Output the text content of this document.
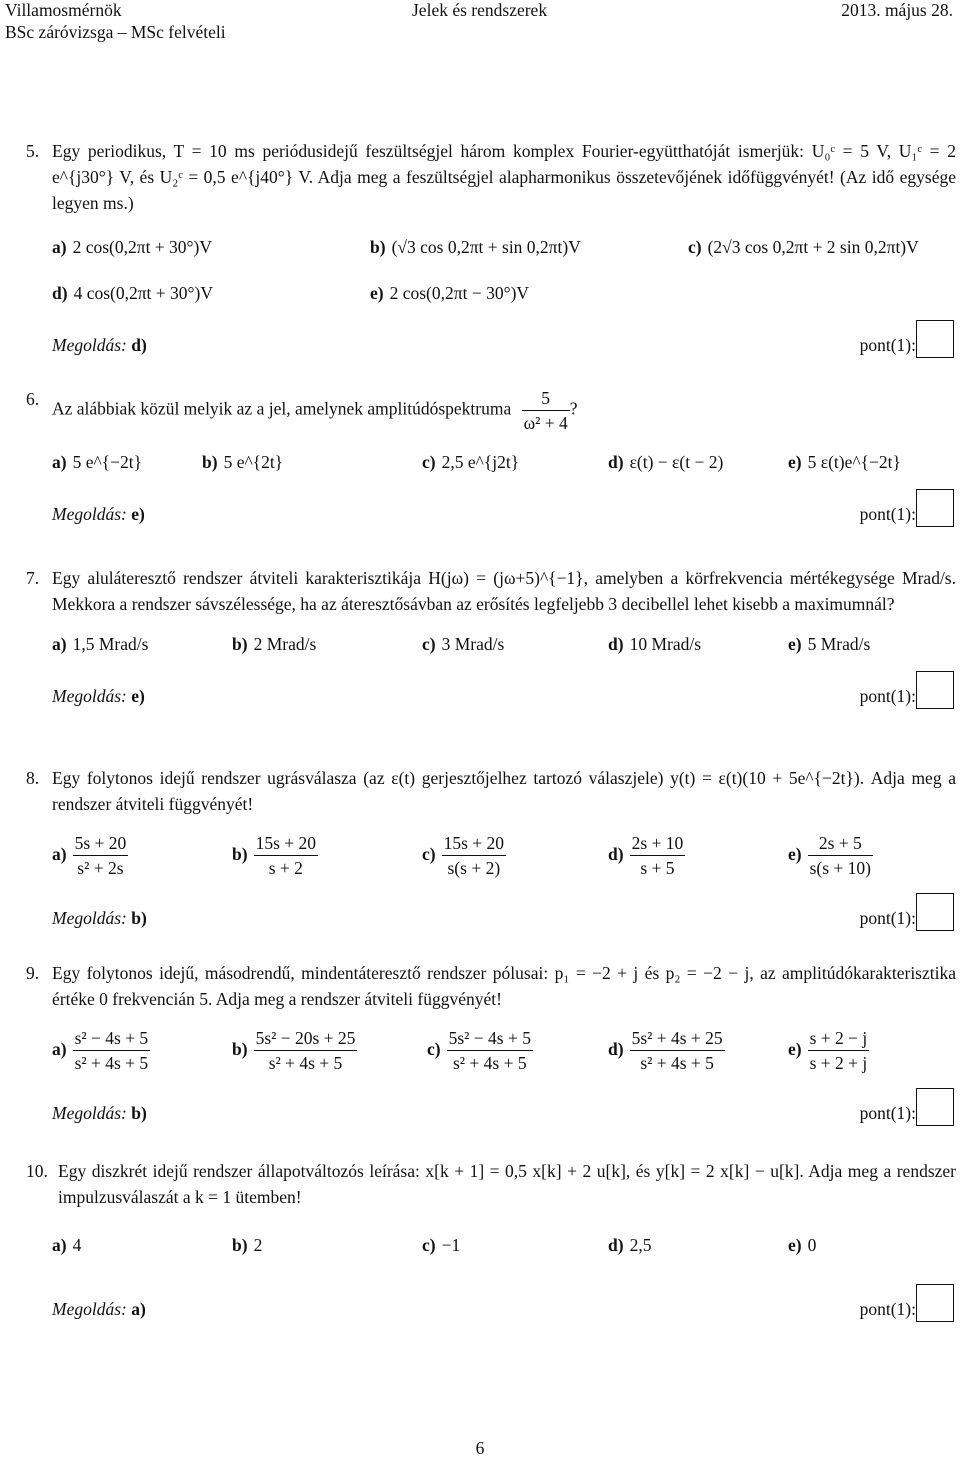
Villamosmérnök
BSc záróvizsga – MSc felvételi
Jelek és rendszerek	2013. május 28.
5. Egy periodikus, T = 10 ms periódusidejű feszültségjel három komplex Fourier-együtthatóját ismerjük: U₀ᶜ = 5 V, U₁ᶜ = 2 e^{j30°} V, és U₂ᶜ = 0,5 e^{j40°} V. Adja meg a feszültségjel alapharmonikus összetevőjének időfüggvényét! (Az idő egysége legyen ms.)
a) 2 cos(0,2πt + 30°)V	b) (√3 cos 0,2πt + sin 0,2πt)V	c) (2√3 cos 0,2πt + 2 sin 0,2πt)V
d) 4 cos(0,2πt + 30°)V	e) 2 cos(0,2πt − 30°)V
Megoldás: d)	pont(1):
6. Az alábbiak közül melyik az a jel, amelynek amplitúdóspektruma $\frac{5}{\text{ω² + 4}}$ ?
a) 5 e^{−2t}	b) 5 e^{2t}	c) 2,5 e^{j2t}	d) ε(t) − ε(t − 2)	e) 5 ε(t)e^{−2t}
Megoldás: e)	pont(1):
7. Egy aluláteresztő rendszer átviteli karakterisztikája H(jω) = (jω+5)^{−1}, amelyben a körfrekvencia mértékegysége Mrad/s. Mekkora a rendszer sávszélessége, ha az áteresztősávban az erősítés legfeljebb 3 decibellel lehet kisebb a maximumnál?
a) 1,5 Mrad/s	b) 2 Mrad/s	c) 3 Mrad/s	d) 10 Mrad/s	e) 5 Mrad/s
Megoldás: e)	pont(1):
8. Egy folytonos idejű rendszer ugrásválasza (az ε(t) gerjesztőjelhez tartozó válaszjele) y(t) = ε(t)(10 + 5e^{−2t}). Adja meg a rendszer átviteli függvényét!
$a) \frac{5s + 20}{\text{s² + 2s}}$	$b) \frac{15s + 20}{s + 2}$	$c) \frac{15s + 20}{s(s + 2)}$	$d) \frac{2s + 10}{s + 5}$	$e) \frac{2s + 5}{s(s + 10)}$
Megoldás: b)	pont(1):
9. Egy folytonos idejű, másodrendű, mindentáteresztő rendszer pólusai: p₁ = −2 + j és p₂ = −2 − j, az amplitúdókarakterisztika értéke 0 frekvencián 5. Adja meg a rendszer átviteli függvényét!
$a) \frac{\text{s² − 4s + 5}}{\text{s² + 4s + 5}}$	$b) \frac{\text{5s² − 20s + 25}}{\text{s² + 4s + 5}}$	$c) \frac{\text{5s² − 4s + 5}}{\text{s² + 4s + 5}}$	$d) \frac{\text{5s² + 4s + 25}}{\text{s² + 4s + 5}}$	$e) \frac{s + 2 - j}{s + 2 + j}$
Megoldás: b)	pont(1):
10. Egy diszkrét idejű rendszer állapotváltozós leírása: x[k + 1] = 0,5 x[k] + 2 u[k], és y[k] = 2 x[k] − u[k]. Adja meg a rendszer impulzusválaszát a k = 1 ütemben!
a) 4	b) 2	c) −1	d) 2,5	e) 0
Megoldás: a)	pont(1):
6
